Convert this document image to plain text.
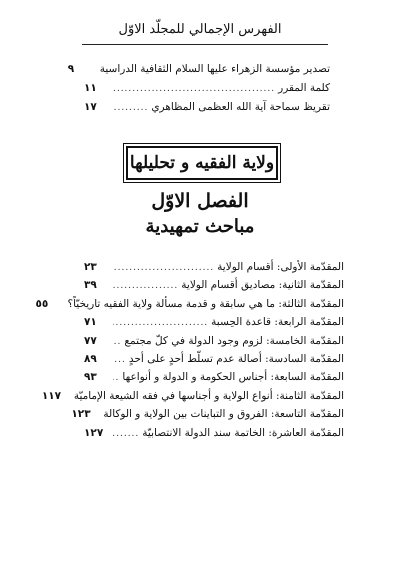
الفهرس الإجمالي للمجلّد الاوّل
تصدير مؤسسة الزهراء عليها السلام الثقافية الدراسية
٩
كلمة المقرر
.....
١١
تقريظ سماحة آية الله العظمى المظاهري
.....
١٧
ولاية الفقيه و تحليلها
الفصل الاوّل
مباحث تمهيدية
المقدّمة الأولى: أقسام الولاية
.....
٢٣
المقدّمة الثانية: مصاديق أقسام الولاية
.....
٣٩
المقدّمة الثالثة: ما هي سابقة و قدمة مسألة ولاية الفقيه تاريخيّاً؟
٥٥
المقدّمة الرابعة: قاعدة الحِسبة
.....
٧١
المقدّمة الخامسة: لزوم وجود الدولة في كلّ مجتمع
.....
٧٧
المقدّمة السادسة: أصالة عدم تسلّط أحدٍ على أحدٍ
.....
٨٩
المقدّمة السابعة: أجناس الحكومة و الدولة و أنواعها
.....
٩٣
المقدّمة الثامنة: أنواع الولاية و أجناسها في فقه الشيعة الإماميّة
١١٧
المقدّمة التاسعة: الفروق و التباينات بين الولاية و الوكالة
١٢٣
المقدّمة العاشرة: الخاتمة سند الدولة الانتصابيّة
.....
١٢٧
